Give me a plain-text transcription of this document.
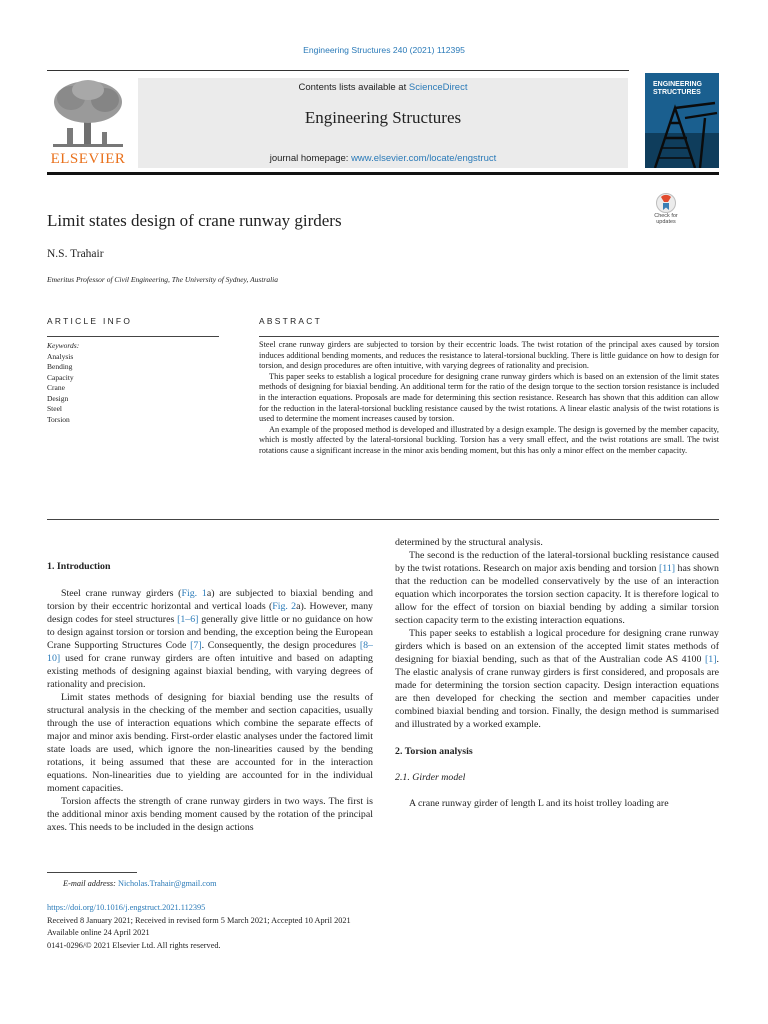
Engineering Structures 240 (2021) 112395
ELSEVIER
Contents lists available at ScienceDirect
Engineering Structures
journal homepage: www.elsevier.com/locate/engstruct
ENGINEERING
STRUCTURES
Check for updates
Limit states design of crane runway girders
N.S. Trahair
Emeritus Professor of Civil Engineering, The University of Sydney, Australia
ARTICLE INFO
Keywords:
Analysis
Bending
Capacity
Crane
Design
Steel
Torsion
ABSTRACT

Steel crane runway girders are subjected to torsion by their eccentric loads. The twist rotation of the principal axes caused by torsion induces additional bending moments, and reduces the resistance to lateral-torsional buckling. There is little guidance on how to design for torsion, and design procedures are often intuitive, with varying degrees of rationality and precision.

This paper seeks to establish a logical procedure for designing crane runway girders which is based on an extension of the limit states methods of designing for biaxial bending. An additional term for the ratio of the design torque to the section torsion resistance is included in the interaction equations. Proposals are made for determining this section resistance. Research has shown that this addition can allow for the reduction in the lateral-torsional buckling resistance caused by the twist rotations. A linear elastic analysis of the twist rotations is used to determine the moment increases caused by torsion.

An example of the proposed method is developed and illustrated by a design example. The design is governed by the member capacity, which is mostly affected by the lateral-torsional buckling. Torsion has a very small effect, and the twist rotations are small. The twist rotations cause a significant increase in the minor axis bending moment, but this has only a minor effect on the member capacity.

1. Introduction

Steel crane runway girders (Fig. 1a) are subjected to biaxial bending and torsion by their eccentric horizontal and vertical loads (Fig. 2a). However, many design codes for steel structures [1–6] generally give little or no guidance on how to design against torsion or torsion and bending, the exception being the European Crane Supporting Structures Code [7]. Consequently, the design procedures [8–10] used for crane runway girders are often intuitive and based on adapting existing methods of designing against biaxial bending, with varying degrees of rationality and precision.

Limit states methods of designing for biaxial bending use the results of structural analysis in the checking of the member and section capacities, usually through the use of interaction equations which combine the separate effects of major and minor axis bending. First-order elastic analyses under the factored limit state loads are used, which ignore the non-linearities caused by the bending rotations, it being assumed that these are accounted for in the interaction equations. Non-linearities due to yielding are accounted for in the individual moment capacities.

Torsion affects the strength of crane runway girders in two ways. The first is the additional minor axis bending moment caused by the rotation of the principal axes. This needs to be included in the design actions

determined by the structural analysis.

The second is the reduction of the lateral-torsional buckling resistance caused by the twist rotations. Research on major axis bending and torsion [11] has shown that the reduction can be modelled conservatively by the use of an interaction equation which incorporates the torsion section capacity. It is therefore logical to allow for the effect of torsion on biaxial bending by adding a similar torsion section capacity term to the existing interaction equations.

This paper seeks to establish a logical procedure for designing crane runway girders which is based on an extension of the accepted limit states methods of designing for biaxial bending, such as that of the Australian code AS 4100 [1]. The elastic analysis of crane runway girders is first considered, and proposals are made for determining the torsion section capacity. Design interaction equations are then developed for checking the section and member capacities under combined biaxial bending and torsion. Finally, the design method is summarised and illustrated by a worked example.

2. Torsion analysis

2.1. Girder model

A crane runway girder of length L and its hoist trolley loading are

E-mail address: Nicholas.Trahair@gmail.com
https://doi.org/10.1016/j.engstruct.2021.112395
Received 8 January 2021; Received in revised form 5 March 2021; Accepted 10 April 2021
Available online 24 April 2021
0141-0296/© 2021 Elsevier Ltd. All rights reserved.
